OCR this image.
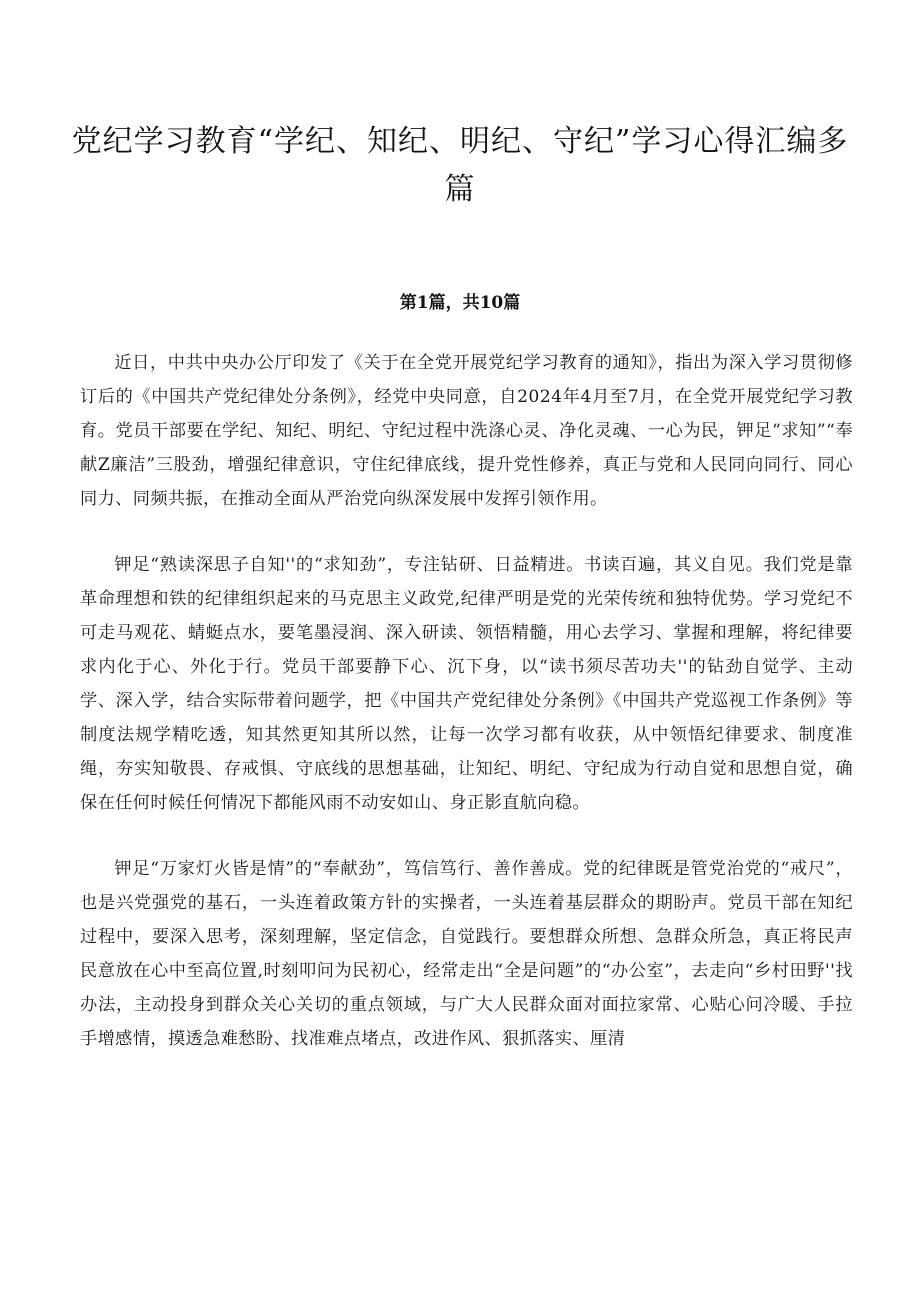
党纪学习教育“学纪、知纪、明纪、守纪”学习心得汇编多篇
第1篇，共10篇

近日，中共中央办公厅印发了《关于在全党开展党纪学习教育的通知》，指出为深入学习贯彻修订后的《中国共产党纪律处分条例》，经党中央同意，自2024年4月至7月，在全党开展党纪学习教育。党员干部要在学纪、知纪、明纪、守纪过程中洗涤心灵、净化灵魂、一心为民，钾足“求知”“奉献Z廉洁”三股劲，增强纪律意识，守住纪律底线，提升党性修养，真正与党和人民同向同行、同心同力、同频共振，在推动全面从严治党向纵深发展中发挥引领作用。

钾足“熟读深思子自知''的“求知劲”，专注钻研、日益精进。书读百遍，其义自见。我们党是靠革命理想和铁的纪律组织起来的马克思主义政党,纪律严明是党的光荣传统和独特优势。学习党纪不可走马观花、蜻蜓点水，要笔墨浸润、深入研读、领悟精髓，用心去学习、掌握和理解，将纪律要求内化于心、外化于行。党员干部要静下心、沉下身，以“读书须尽苦功夫''的钻劲自觉学、主动学、深入学，结合实际带着问题学，把《中国共产党纪律处分条例》《中国共产党巡视工作条例》等制度法规学精吃透，知其然更知其所以然，让每一次学习都有收获，从中领悟纪律要求、制度准绳，夯实知敬畏、存戒惧、守底线的思想基础，让知纪、明纪、守纪成为行动自觉和思想自觉，确保在任何时候任何情况下都能风雨不动安如山、身正影直航向稳。

钾足“万家灯火皆是情”的“奉献劲”，笃信笃行、善作善成。党的纪律既是管党治党的“戒尺”，也是兴党强党的基石，一头连着政策方针的实操者，一头连着基层群众的期盼声。党员干部在知纪过程中，要深入思考，深刻理解，坚定信念，自觉践行。要想群众所想、急群众所急，真正将民声民意放在心中至高位置,时刻叩问为民初心，经常走出“全是问题”的“办公室”，去走向“乡村田野''找办法，主动投身到群众关心关切的重点领域，与广大人民群众面对面拉家常、心贴心问冷暖、手拉手增感情，摸透急难愁盼、找准难点堵点，改进作风、狠抓落实、厘清
